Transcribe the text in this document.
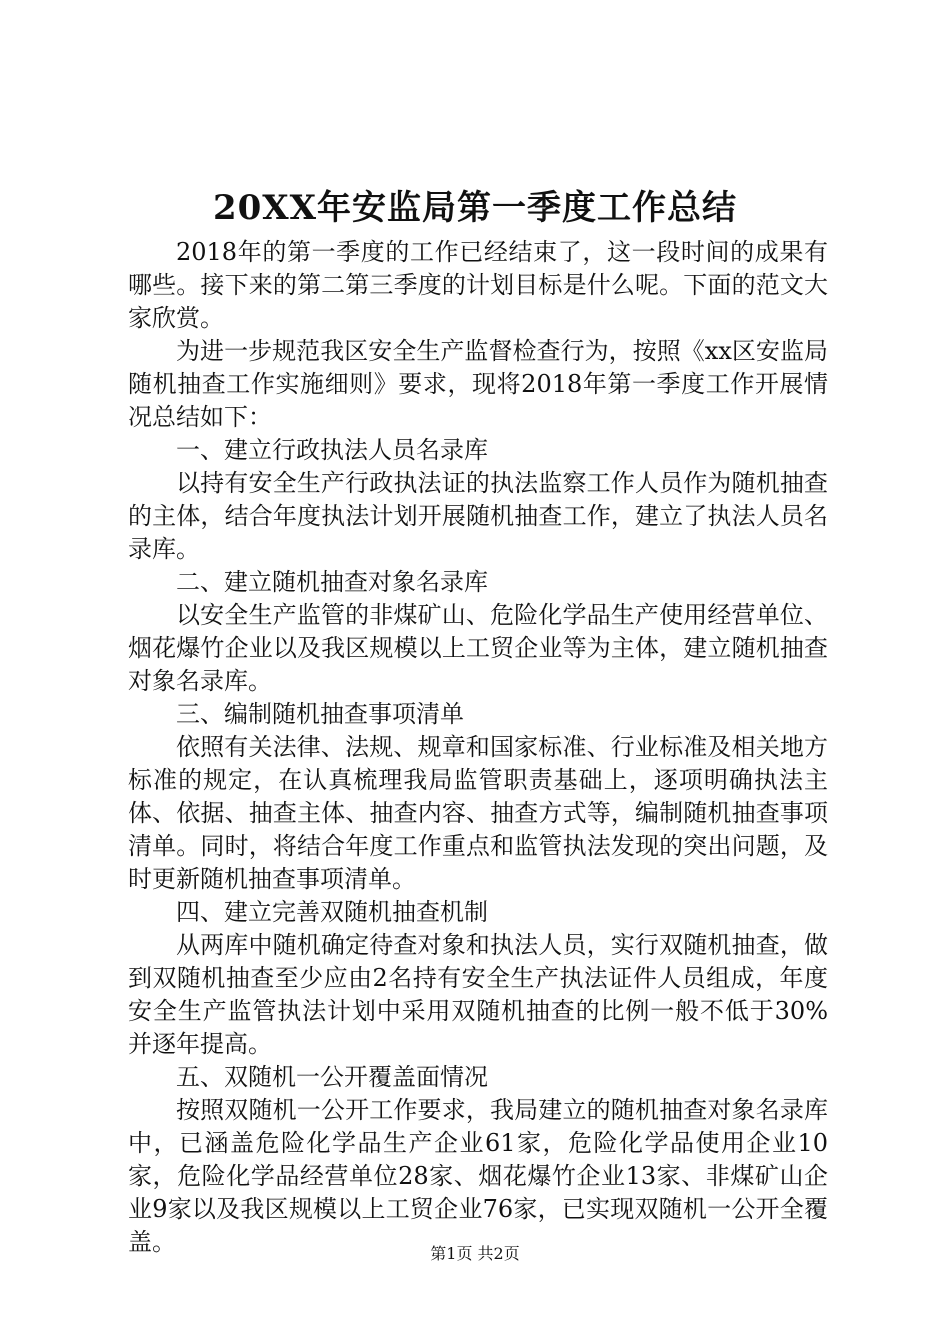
20XX年安监局第一季度工作总结

2018年的第一季度的工作已经结束了，这一段时间的成果有哪些。接下来的第二第三季度的计划目标是什么呢。下面的范文大家欣赏。

为进一步规范我区安全生产监督检查行为，按照《xx区安监局随机抽查工作实施细则》要求，现将2018年第一季度工作开展情况总结如下：

一、建立行政执法人员名录库

以持有安全生产行政执法证的执法监察工作人员作为随机抽查的主体，结合年度执法计划开展随机抽查工作，建立了执法人员名录库。

二、建立随机抽查对象名录库

以安全生产监管的非煤矿山、危险化学品生产使用经营单位、烟花爆竹企业以及我区规模以上工贸企业等为主体，建立随机抽查对象名录库。

三、编制随机抽查事项清单

依照有关法律、法规、规章和国家标准、行业标准及相关地方标准的规定，在认真梳理我局监管职责基础上，逐项明确执法主体、依据、抽查主体、抽查内容、抽查方式等，编制随机抽查事项清单。同时，将结合年度工作重点和监管执法发现的突出问题，及时更新随机抽查事项清单。

四、建立完善双随机抽查机制

从两库中随机确定待查对象和执法人员，实行双随机抽查，做到双随机抽查至少应由2名持有安全生产执法证件人员组成，年度安全生产监管执法计划中采用双随机抽查的比例一般不低于30%并逐年提高。

五、双随机一公开覆盖面情况

按照双随机一公开工作要求，我局建立的随机抽查对象名录库中，已涵盖危险化学品生产企业61家，危险化学品使用企业10家，危险化学品经营单位28家、烟花爆竹企业13家、非煤矿山企业9家以及我区规模以上工贸企业76家，已实现双随机一公开全覆盖。	第1页 共2页
